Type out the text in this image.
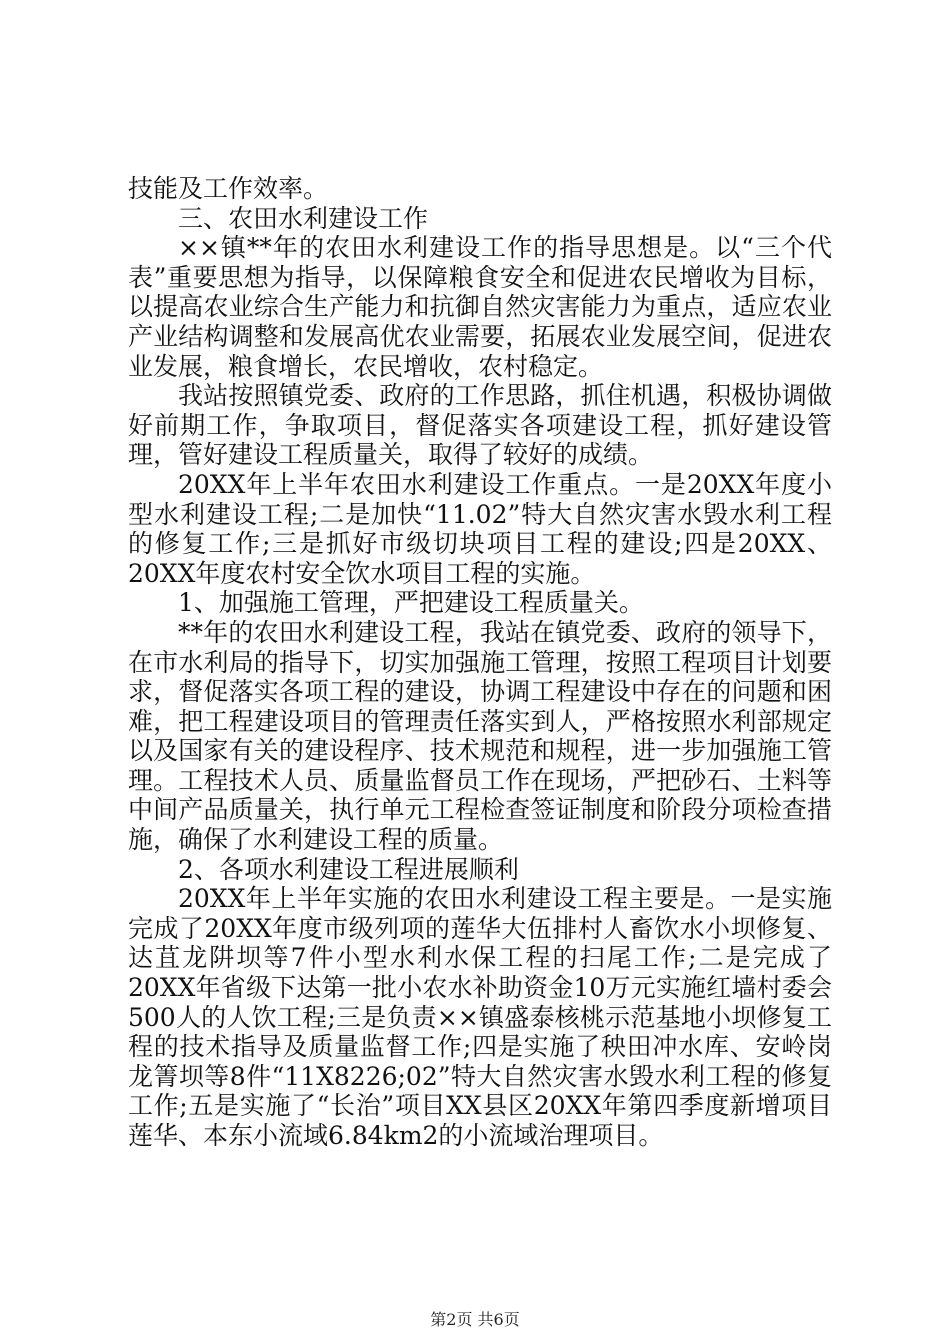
技能及工作效率。

三、农田水利建设工作

××镇**年的农田水利建设工作的指导思想是。以“三个代表”重要思想为指导，以保障粮食安全和促进农民增收为目标，以提高农业综合生产能力和抗御自然灾害能力为重点，适应农业产业结构调整和发展高优农业需要，拓展农业发展空间，促进农业发展，粮食增长，农民增收，农村稳定。

我站按照镇党委、政府的工作思路，抓住机遇，积极协调做好前期工作，争取项目，督促落实各项建设工程，抓好建设管理，管好建设工程质量关，取得了较好的成绩。

20XX年上半年农田水利建设工作重点。一是20XX年度小型水利建设工程;二是加快“11.02”特大自然灾害水毁水利工程的修复工作;三是抓好市级切块项目工程的建设;四是20XX、20XX年度农村安全饮水项目工程的实施。

1、加强施工管理，严把建设工程质量关。

**年的农田水利建设工程，我站在镇党委、政府的领导下，在市水利局的指导下，切实加强施工管理，按照工程项目计划要求，督促落实各项工程的建设，协调工程建设中存在的问题和困难，把工程建设项目的管理责任落实到人，严格按照水利部规定以及国家有关的建设程序、技术规范和规程，进一步加强施工管理。工程技术人员、质量监督员工作在现场，严把砂石、土料等中间产品质量关，执行单元工程检查签证制度和阶段分项检查措施，确保了水利建设工程的质量。

2、各项水利建设工程进展顺利

20XX年上半年实施的农田水利建设工程主要是。一是实施完成了20XX年度市级列项的莲华大伍排村人畜饮水小坝修复、达苴龙阱坝等7件小型水利水保工程的扫尾工作;二是完成了20XX年省级下达第一批小农水补助资金10万元实施红墙村委会500人的人饮工程;三是负责××镇盛泰核桃示范基地小坝修复工程的技术指导及质量监督工作;四是实施了秧田冲水库、安岭岗龙箐坝等8件“11X8226;02”特大自然灾害水毁水利工程的修复工作;五是实施了“长治”项目XX县区20XX年第四季度新增项目莲华、本东小流域6.84km2的小流域治理项目。

第2页 共6页
